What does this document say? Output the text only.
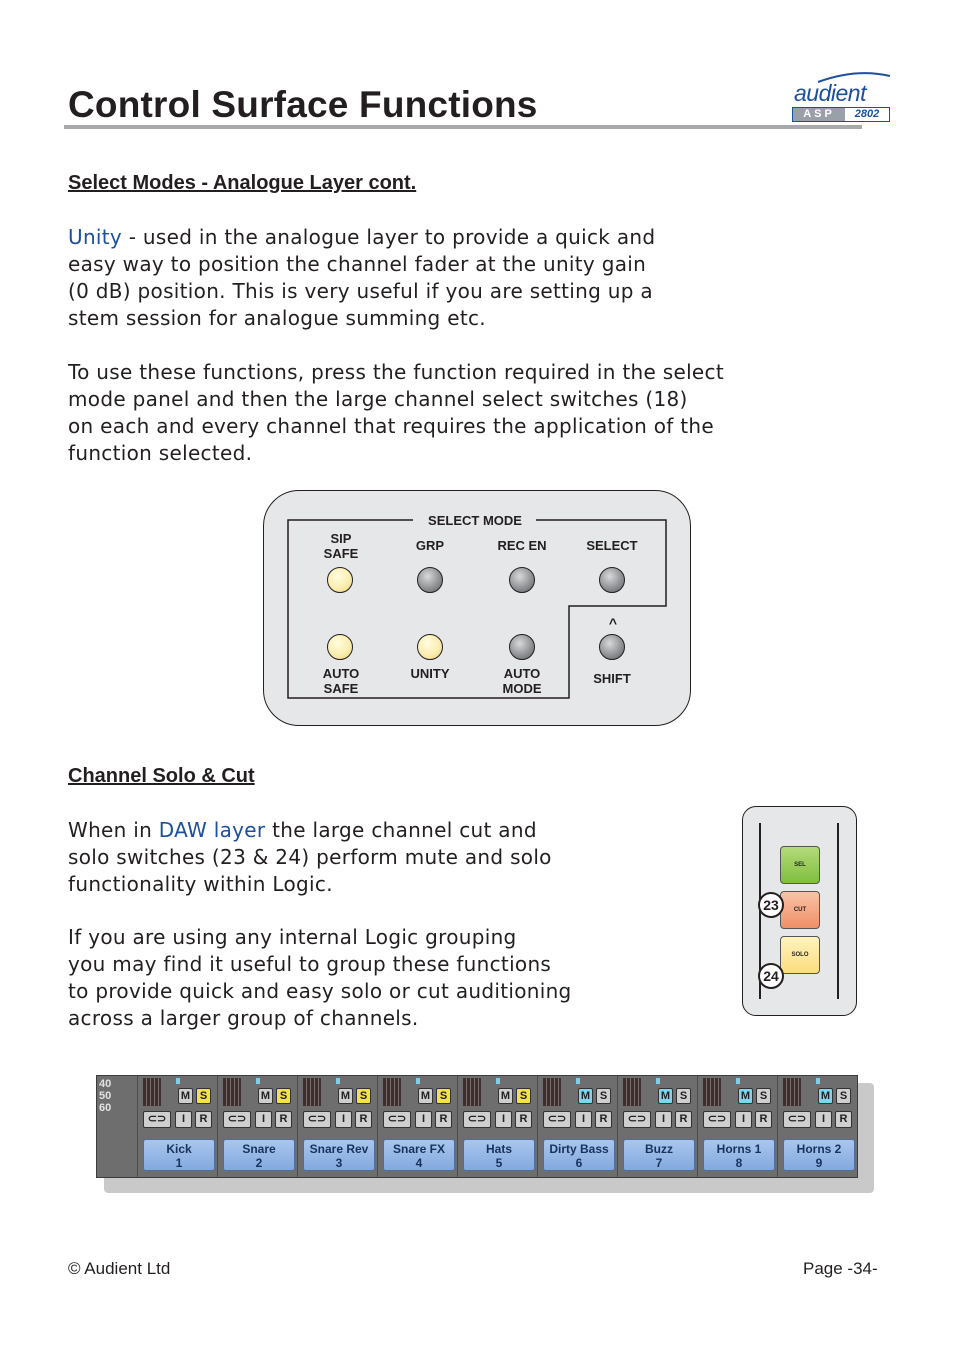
Control Surface Functions	audient
ASP	2802
Select Modes - Analogue Layer cont.

Unity - used in the analogue layer to provide a quick and

easy way to position the channel fader at the unity gain

(0 dB) position. This is very useful if you are setting up a

stem session for analogue summing etc.

To use these functions, press the function required in the select

mode panel and then the large channel select switches (18)

on each and every channel that requires the application of the

function selected.

SELECT MODE
SIP
SAFE
GRP	REC EN	SELECT
^
AUTO
SAFE
UNITY	AUTO
MODE
SHIFT
Channel Solo & Cut

When in DAW layer the large channel cut and

solo switches (23 & 24) perform mute and solo

functionality within Logic.

If you are using any internal Logic grouping

you may find it useful to group these functions

to provide quick and easy solo or cut auditioning

across a larger group of channels.

SEL
CUT
SOLO
23
24
40
50
60
M S
⊂⊃	I	R
Kick
1
M S
⊂⊃	I	R
Snare
2
M S
⊂⊃	I	R
Snare Rev
3
M S
⊂⊃	I	R
Snare FX
4
M S
⊂⊃	I	R
Hats
5
M S
⊂⊃	I	R
Dirty Bass
6
M S
⊂⊃	I	R
Buzz
7
M S
⊂⊃	I	R
Horns 1
8
M S
⊂⊃	I	R
Horns 2
9
© Audient Ltd	Page -34-
